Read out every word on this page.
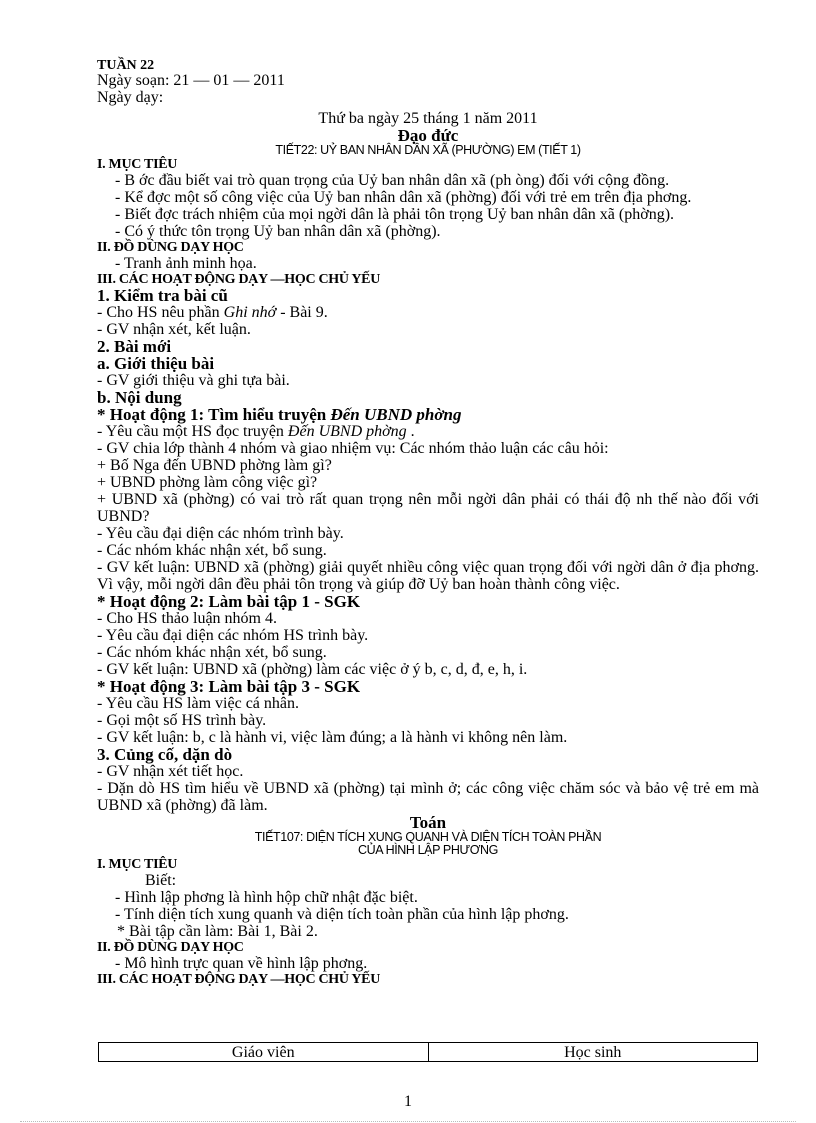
TUẦN 22
Ngày soạn: 21 — 01 — 2011
Ngày dạy:
Thứ ba ngày 25 tháng 1 năm 2011
Đạo đức
TIẾT22: UỶ BAN NHÂN DÂN XÃ (PHƯỜNG) EM (TIẾT 1)
I. MỤC TIÊU
- B ớc đầu biết vai trò quan trọng của Uỷ ban nhân dân xã (ph òng) đối với cộng đồng.
- Kể đợc một số công việc của Uỷ ban nhân dân xã (phờng) đối với trẻ em trên địa phơng.
- Biết đợc trách nhiệm của mọi ngời dân là phải tôn trọng Uỷ ban nhân dân xã (phờng).
- Có ý thức tôn trọng Uỷ ban nhân dân xã (phờng).
II. ĐỒ DÙNG DẠY HỌC
- Tranh ảnh minh họa.
III. CÁC HOẠT ĐỘNG DẠY —HỌC CHỦ YẾU
1. Kiểm tra bài cũ
- Cho HS nêu phần Ghi nhớ - Bài 9.
- GV nhận xét, kết luận.
2. Bài mới
a. Giới thiệu bài
- GV giới thiệu và ghi tựa bài.
b. Nội dung
* Hoạt động 1: Tìm hiểu truyện Đến UBND phờng
- Yêu cầu một HS đọc truyện Đến UBND phờng .
- GV chia lớp thành 4 nhóm và giao nhiệm vụ: Các nhóm thảo luận các câu hỏi:
+ Bố Nga đến UBND phờng làm gì?
+ UBND phờng làm công việc gì?
+ UBND xã (phờng) có vai trò rất quan trọng nên mỗi ngời dân phải có thái độ nh thế nào đối với UBND?
- Yêu cầu đại diện các nhóm trình bày.
- Các nhóm khác nhận xét, bổ sung.
- GV kết luận: UBND xã (phờng) giải quyết nhiều công việc quan trọng đối với ngời dân ở địa phơng. Vì vậy, mỗi ngời dân đều phải tôn trọng và giúp đỡ Uỷ ban hoàn thành công việc.
* Hoạt động 2: Làm bài tập 1 - SGK
- Cho HS thảo luận nhóm 4.
- Yêu cầu đại diện các nhóm HS trình bày.
- Các nhóm khác nhận xét, bổ sung.
- GV kết luận: UBND xã (phờng) làm các việc ở ý b, c, d, đ, e, h, i.
* Hoạt động 3: Làm bài tập 3 - SGK
- Yêu cầu HS làm việc cá nhân.
- Gọi một số HS trình bày.
- GV kết luận: b, c là hành vi, việc làm đúng; a là hành vi không nên làm.
3. Củng cố, dặn dò
- GV nhận xét tiết học.
- Dặn dò HS tìm hiểu về UBND xã (phờng) tại mình ở; các công việc chăm sóc và bảo vệ trẻ em mà UBND xã (phờng) đã làm.
Toán
TIẾT107: DIỆN TÍCH XUNG QUANH VÀ DIỆN TÍCH TOÀN PHẦN
CỦA HÌNH LẬP PHƯƠNG
I. MỤC TIÊU
Biết:
- Hình lập phơng là hình hộp chữ nhật đặc biệt.
- Tính diện tích xung quanh và diện tích toàn phần của hình lập phơng.
* Bài tập cần làm: Bài 1, Bài 2.
II. ĐỒ DÙNG DẠY HỌC
- Mô hình trực quan về hình lập phơng.
III. CÁC HOẠT ĐỘNG DẠY —HỌC CHỦ YẾU
Giáo viên	Học sinh
1
